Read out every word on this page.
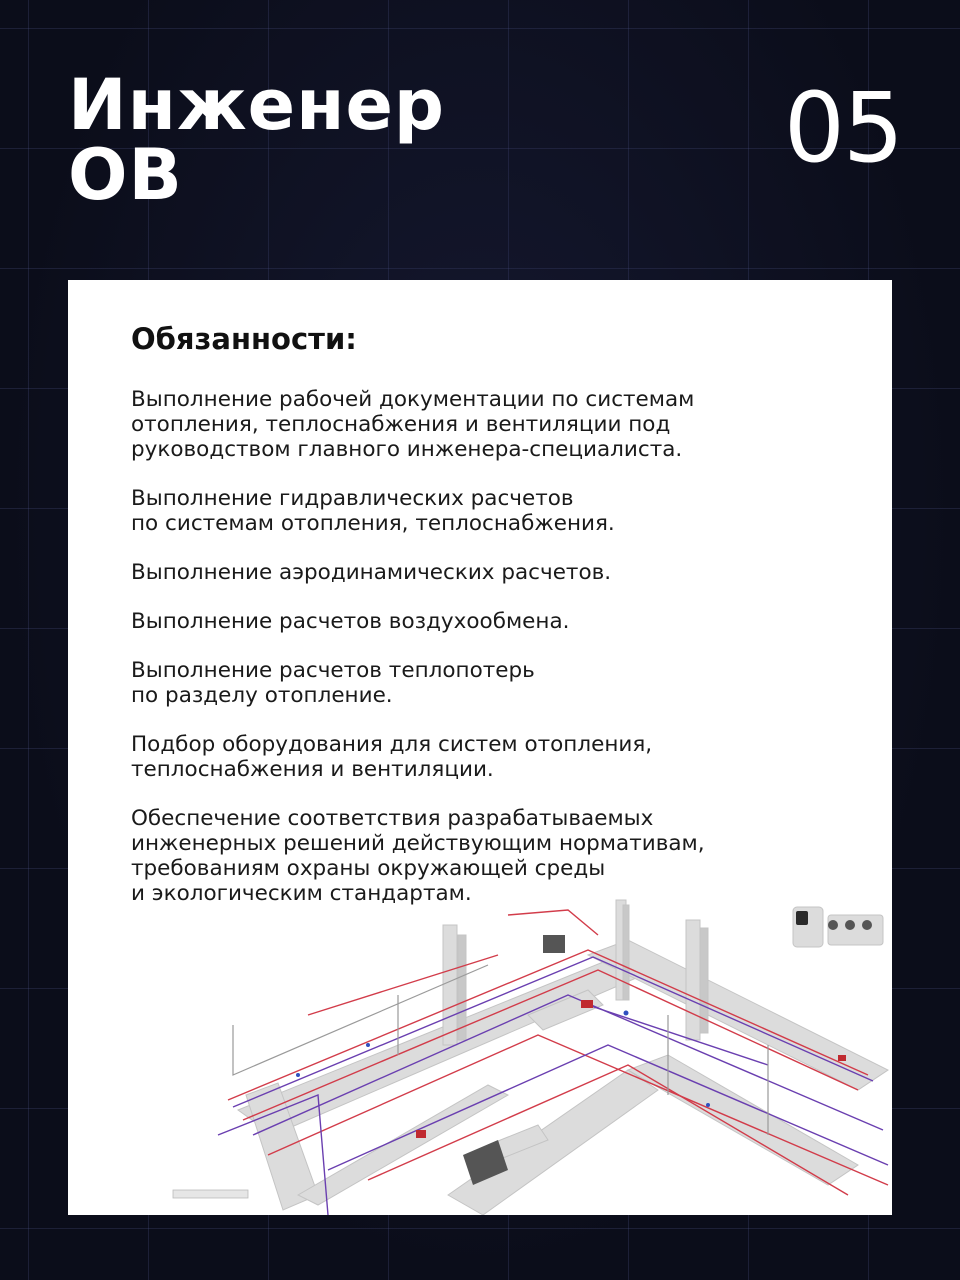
Инженер
ОВ	05
Обязанности:
Выполнение рабочей документации по системам
отопления, теплоснабжения и вентиляции под
руководством главного инженера-специалиста.
Выполнение гидравлических расчетов
по системам отопления, теплоснабжения.
Выполнение аэродинамических расчетов.
Выполнение расчетов воздухообмена.
Выполнение расчетов теплопотерь
по разделу отопление.
Подбор оборудования для систем отопления,
теплоснабжения и вентиляции.
Обеспечение соответствия разрабатываемых
инженерных решений действующим нормативам,
требованиям охраны окружающей среды
и экологическим стандартам.
